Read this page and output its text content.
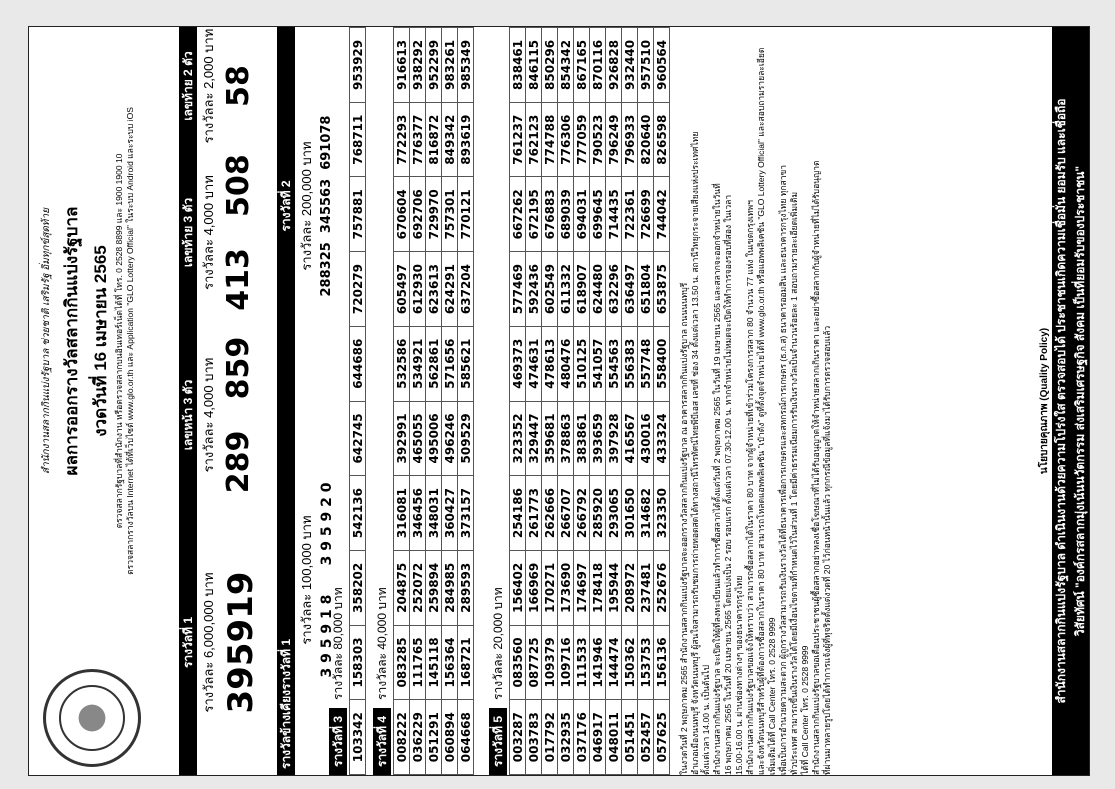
สำนักงานสลากกินแบ่งรัฐบาล ช่วยชาติ เสริมรัฐ อิ่มทุกข์สุดท้าย ผลการออกรางวัลสลากกินแบ่งรัฐบาล งวดวันที่ 16 เมษายน 2565 ตรวจสลากรัฐบาลที่สำนักงาน หรือตรวจสลากบนอินเทอร์เน็ตได้ที่ โทร. 0 2528 8899 และ 1900 1900 10 ตรวจสลากรางวัลบน Internet ได้ที่เว็บไซต์ www.glo.or.th และ Application "GLO Lottery Official" ในระบบ Android และระบบ iOS
รางวัลที่ 1 รางวัลละ 6,000,000 บาท 395919
เลขหน้า 3 ตัว รางวัลละ 4,000 บาท 289   859
เลขท้าย 3 ตัว รางวัลละ 4,000 บาท 413   508
เลขท้าย 2 ตัว รางวัลละ 2,000 บาท 58
รางวัลข้างเคียงรางวัลที่ 1
รางวัลละ 100,000 บาท 3 9 5 9 1 8      3 9 5 9 2 0
รางวัลที่ 2 รางวัลละ 200,000 บาท 288325  345563  691078
รางวัลที่ 3รางวัลละ 80,000 บาท
103342	158303	358202	542136	642745	644686	720279	757881	768711	953929
รางวัลที่ 4รางวัลละ 40,000 บาท
008222	083285	204875	316081	392991	532586	605497	670604	772293	916613
036229	111765	252072	346456	465055	534921	612930	692706	776377	938292
051291	145118	259894	348031	495006	562861	623613	729970	816872	952299
060894	156364	284985	360427	496246	571656	624291	757301	849342	983261
064668	168721	289593	373157	509529	585621	637204	770121	893619	985349
รางวัลที่ 5รางวัลละ 20,000 บาท
003287	083560	156402	254186	323352	469373	577469	667262	761237	838461
003783	087725	166969	261773	329447	474631	592436	672195	762123	846115
017792	109379	170271	262666	359681	478613	602549	676883	774788	850296
032935	109716	173690	266707	378863	480476	611332	689039	776306	854342
037176	111533	174697	266792	383861	510125	618907	694031	777059	867165
046917	141946	178418	285920	393659	541057	624480	699645	790523	870116
048011	144474	195944	293065	397928	554563	632296	714435	796249	926828
051451	150362	208972	301650	416567	556383	636497	722361	796933	932440
052457	153753	237481	314682	430016	557748	651804	726699	820640	957510
057625	156136	252676	323350	433324	558400	653875	744042	826598	960564
ในงวดวันที่ 2 พฤษภาคม 2565 สำนักงานสลากกินแบ่งรัฐบาลจะออกรางวัลสลากกินแบ่งรัฐบาล ณ อาคารสลากกินแบ่งรัฐบาล ถนนนนทบุรี อำเภอเมืองนนทบุรี จังหวัดนนทบุรี ผู้สนใจสามารถรับชมการถ่ายทอดสดได้ทางสถานีโทรทัศน์ไทยพีบีเอส เลขที่ ช่อง 34 ตั้งแต่เวลา 13.50 น. สถานีวิทยุกระจายเสียงแห่งประเทศไทย ตั้งแต่เวลา 14.00 น. เป็นต้นไป สำนักงานสลากกินแบ่งรัฐบาล จะเปิดให้ผู้ที่ลงทะเบียนแล้วทำการซื้อสลากได้ตั้งแต่วันที่ 2 พฤษภาคม 2565 ในวันที่ 19 เมษายน 2565 และสลากจะออกจำหน่ายในวันที่ 16 พฤษภาคม 2565 ในวันที่ 20 เมษายน 2565 โดยแบ่งเป็น 2 รอบ รอบแรก ตั้งแต่เวลา 07.30-12.00 น. หากจำหน่ายไม่หมดจะเปิดให้ทำการจองรอบที่สอง ในเวลา 15.00-16.00 น. ผ่านช่องทางต่างๆ ของธนาคารกรุงไทย สำนักงานสลากกินแบ่งรัฐบาลขอแจ้งให้ทราบว่า สามารถซื้อสลากได้ในราคา 80 บาท จากผู้จำหน่ายที่เข้าร่วมโครงการสลาก 80 จำนวน 77 แห่ง ในเขตกรุงเทพฯ และจังหวัดนนทบุรีสำหรับผู้ที่ต้องการซื้อสลากในราคา 80 บาท สามารถโหลดแอพพลิเคชัน "เป๋าตัง" ดูที่ตั้งจุดจำหน่ายได้ที่ www.glo.or.th หรือแอพพลิเคชัน "GLO Lottery Official" และสอบถามรายละเอียด เพิ่มเติมได้ที่ Call Center โทร. 0 2528 9999 เพื่อเป็นการอำนวยความสะดวก ผู้ถูกรางวัลสามารถรับเงินรางวัลได้ที่ธนาคารเพื่อการเกษตรและสหกรณ์การเกษตร (ธ.ก.ส) ธนาคารออมสิน และธนาคารกรุงไทย ทุกสาขา ทั่วประเทศ สามารถขึ้นเงินรางวัลได้โดยมีเงื่อนไขตามที่กำหนดไว้ในส่วนที่ 1 โดยมีค่าธรรมเนียมการรับเงินรางวัลเป็นจำนวนร้อยละ 1 สอบถามรายละเอียดเพิ่มเติม ได้ที่ Call Center โทร. 0 2528 9999 สำนักงานสลากกินแบ่งรัฐบาลขอเตือนประชาชนผู้ซื้อสลากอย่าหลงเชื่อโฆษณาที่ไม่ได้รับอนุญาตให้จำหน่ายสลากเกินราคา และอย่าซื้อสลากกับผู้จำหน่ายที่ไม่ได้รับอนุญาต ที่ผ่านมาหลายรูปโดยได้ทำการแจ้งผู้ที่ทุจริตตั้งแต่งวดที่ 20 ไว้ก่อนหน้านั้นแล้ว ทุกกรณีข้อมูลที่แจ้งมาได้รับการตรวจสอบแล้ว	นโยบายคุณภาพ (Quality Policy) สำนักงานสลากกินแบ่งรัฐบาล ดำเนินงานด้วยความโปร่งใส ตรวจสอบได้ ประชาชนเกิดความเชื่อมั่น ยอมรับ และเชื่อถือ วิสัยทัศน์ "องค์กรสลากมุ่งเน้นนวัตกรรม ส่งเสริมเศรษฐกิจ สังคม เป็นที่ยอมรับของประชาชน"
